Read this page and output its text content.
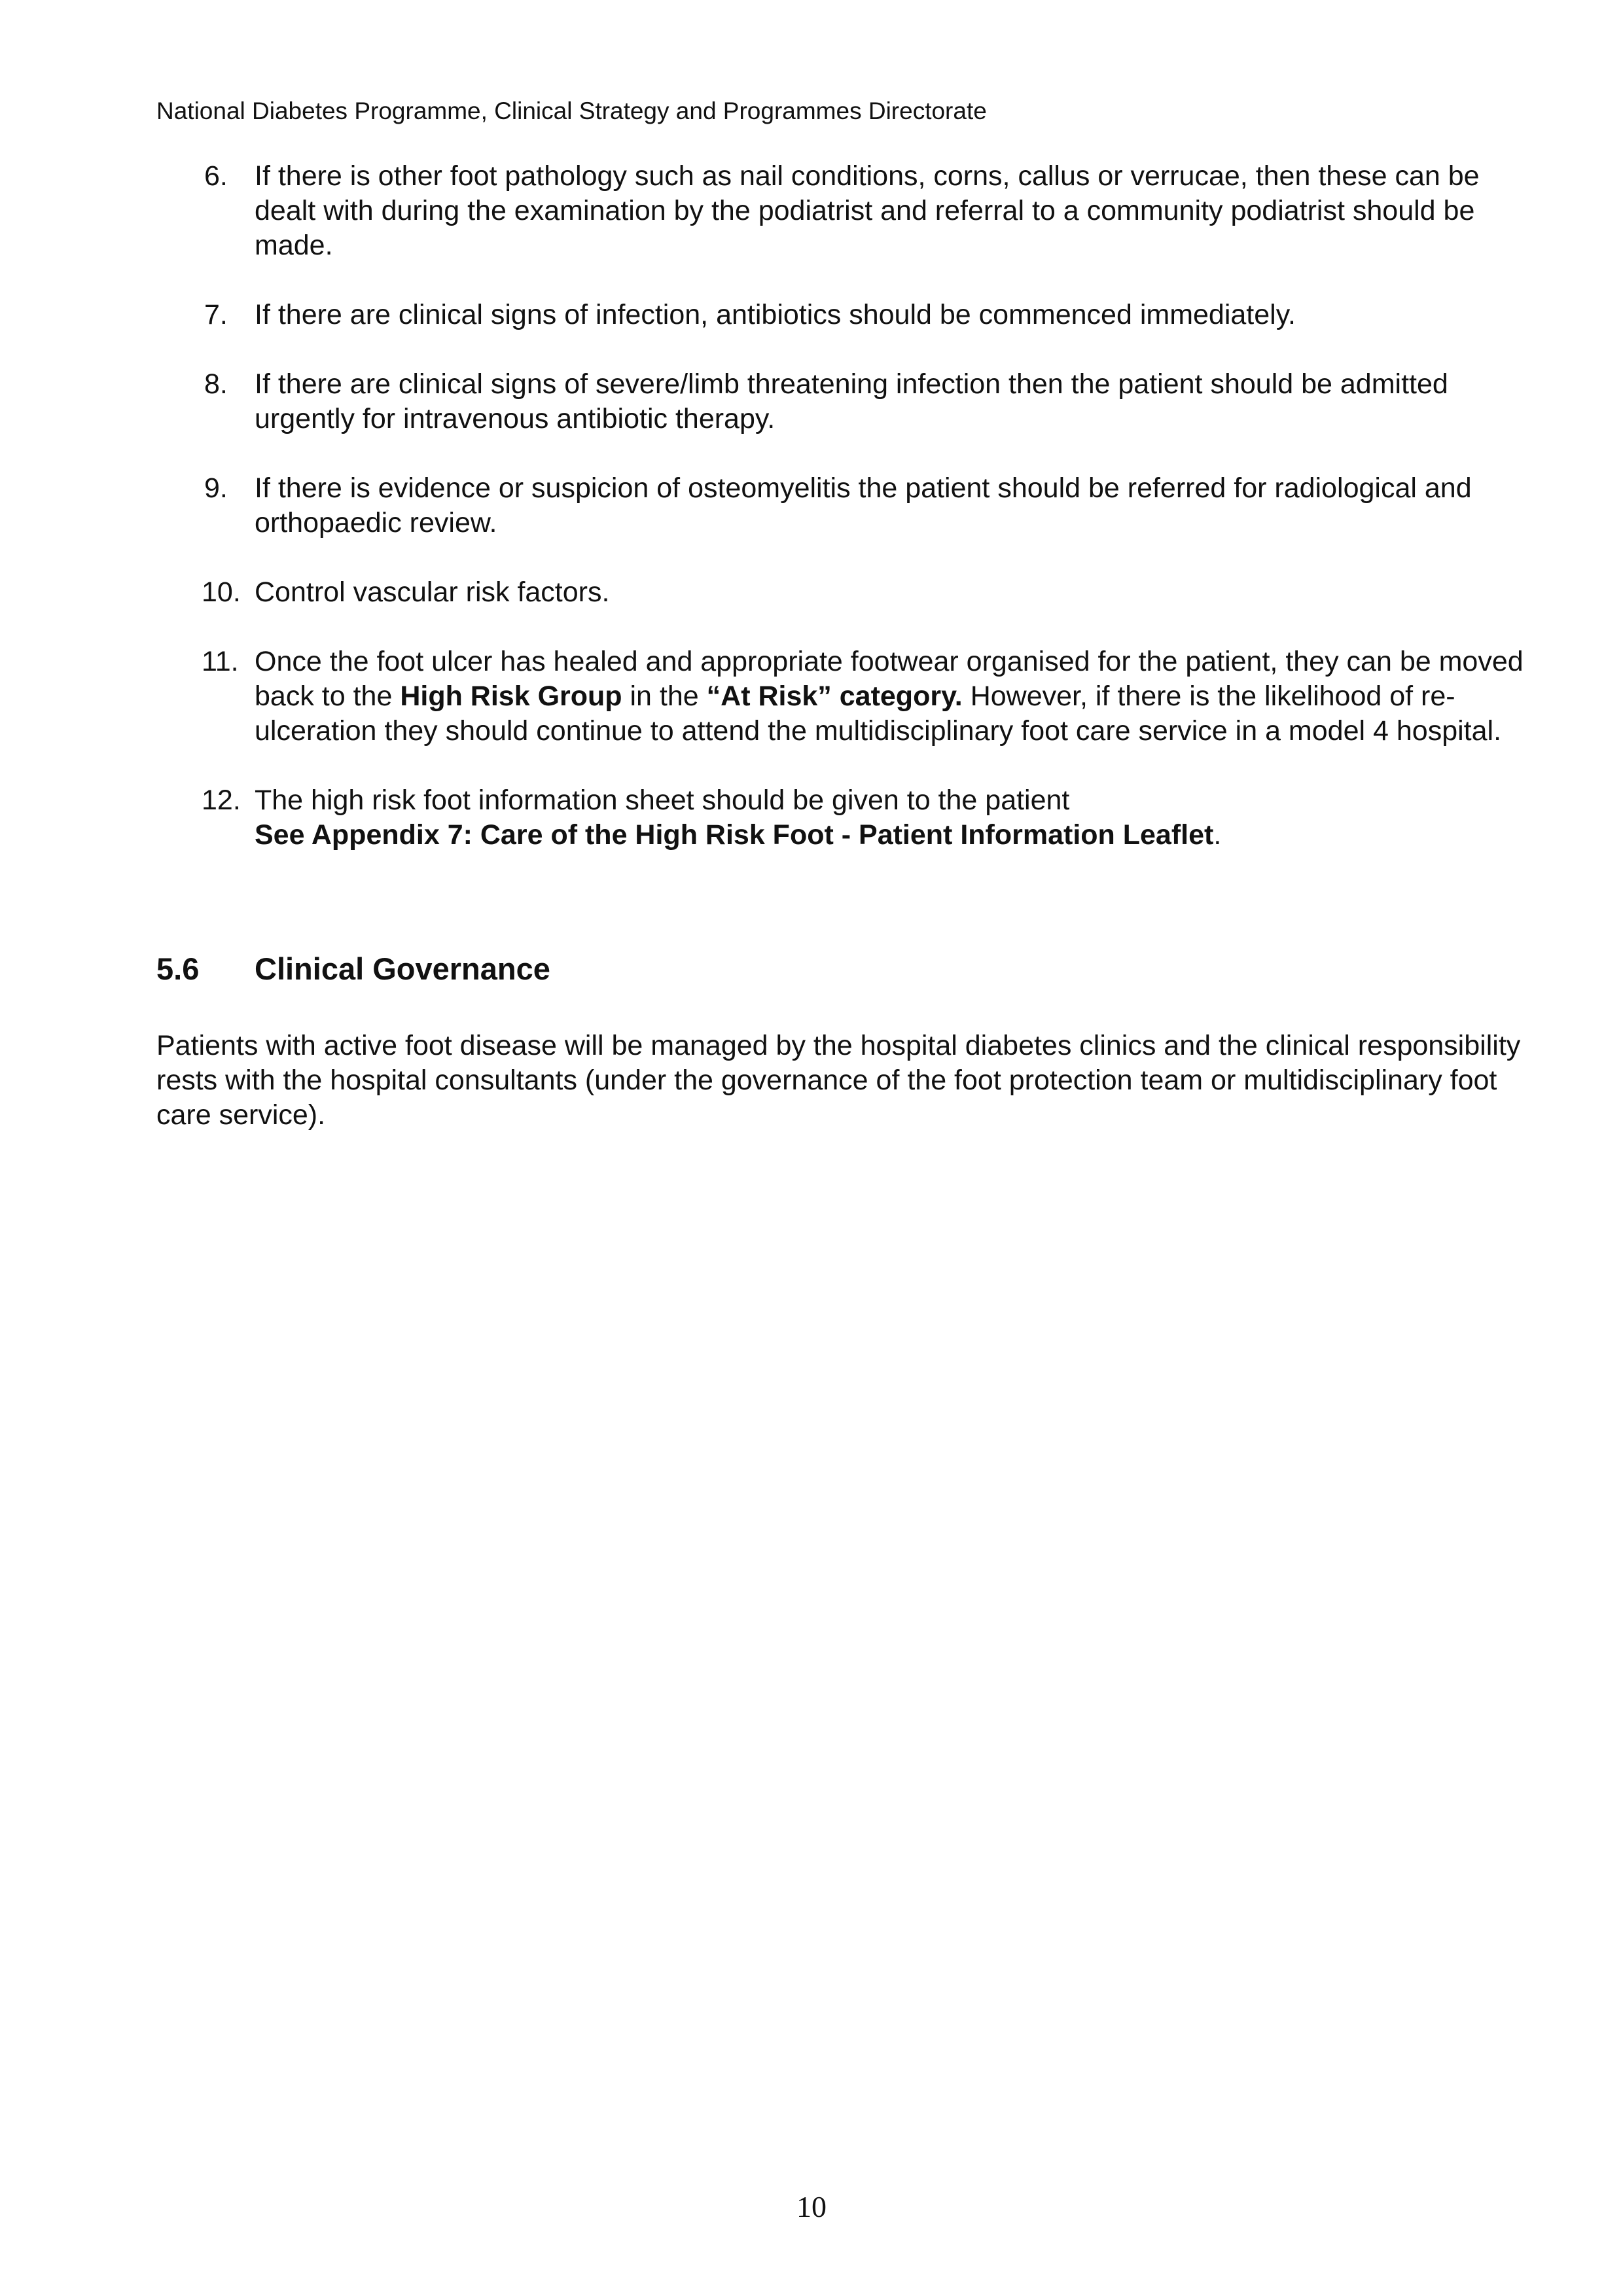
National Diabetes Programme, Clinical Strategy and Programmes Directorate
6. If there is other foot pathology such as nail conditions, corns, callus or verrucae, then these can be dealt with during the examination by the podiatrist and referral to a community podiatrist should be made.
7. If there are clinical signs of infection, antibiotics should be commenced immediately.
8. If there are clinical signs of severe/limb threatening infection then the patient should be admitted urgently for intravenous antibiotic therapy.
9. If there is evidence or suspicion of osteomyelitis the patient should be referred for radiological and orthopaedic review.
10. Control vascular risk factors.
11. Once the foot ulcer has healed and appropriate footwear organised for the patient, they can be moved back to the High Risk Group in the “At Risk” category. However, if there is the likelihood of re-ulceration they should continue to attend the multidisciplinary foot care service in a model 4 hospital.
12. The high risk foot information sheet should be given to the patient
See Appendix 7: Care of the High Risk Foot - Patient Information Leaflet.
5.6 Clinical Governance

Patients with active foot disease will be managed by the hospital diabetes clinics and the clinical responsibility rests with the hospital consultants (under the governance of the foot protection team or multidisciplinary foot care service).

10
